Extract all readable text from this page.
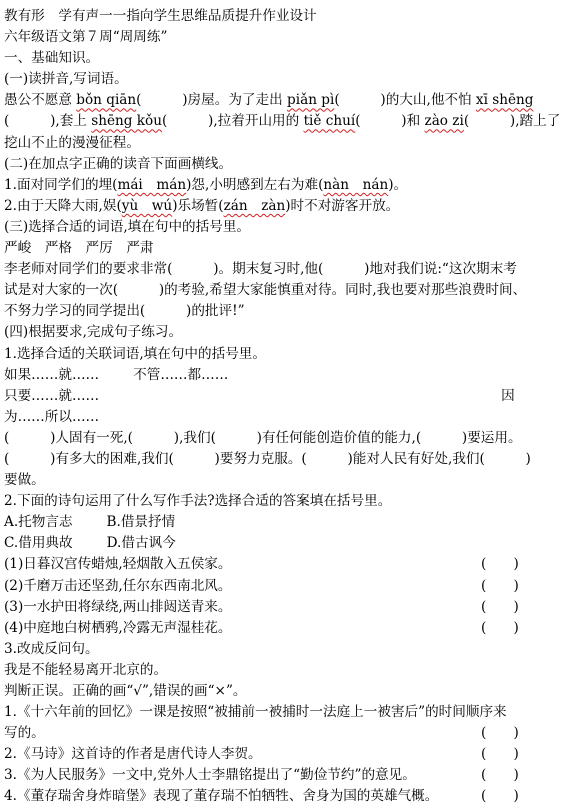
教有形　学有声一一指向学生思维品质提升作业设计
六年级语文第７周“周周练”
一、基础知识。
(一)读拼音,写词语。
愚公不愿意 bǒn qiān(　　　)房屋。为了走出 piǎn pì(　　　)的大山,他不怕 xī shēng
(　　　),套上 shēng kǒu(　　　),拉着开山用的 tiě chuí(　　　)和 zào zi(　　　),踏上了
挖山不止的漫漫征程。
(二)在加点字正确的读音下面画横线。
1.面对同学们的埋(mái　mán)怨,小明感到左右为难(nàn　nán)。
2.由于天降大雨,娱(yù　wú)乐场暂(zán　zàn)时不对游客开放。
(三)选择合适的词语,填在句中的括号里。
严峻　严格　严厉　严肃
李老师对同学们的要求非常(　　　)。期末复习时,他(　　　)地对我们说:“这次期末考
试是对大家的一次(　　　)的考验,希望大家能慎重对待。同时,我也要对那些浪费时间、
不努力学习的同学提出(　　　)的批评!”
(四)根据要求,完成句子练习。
1.选择合适的关联词语,填在句中的括号里。
如果……就……	不管……都……
只要……就……	因
为……所以……
(　　　)人固有一死,(　　　),我们(　　　)有任何能创造价值的能力,(　　　)要运用。
(　　　)有多大的困难,我们(　　　)要努力克服。(　　　)能对人民有好处,我们(　　　)
要做。
2.下面的诗句运用了什么写作手法?选择合适的答案填在括号里。
A.托物言志	B.借景抒情
C.借用典故	D.借古讽今
(1)日暮汉宫传蜡烛,轻烟散入五侯家。	(　　)
(2)千磨万击还坚劲,任尔东西南北风。	(　　)
(3)一水护田将绿绕,两山排闼送青来。	(　　)
(4)中庭地白树栖鸦,冷露无声湿桂花。	(　　)
3.改成反问句。
我是不能轻易离开北京的。
判断正误。正确的画“√”,错误的画“×”。
1.《十六年前的回忆》一课是按照“被捕前一被捕时一法庭上一被害后”的时间顺序来
写的。	(　　)
2.《马诗》这首诗的作者是唐代诗人李贺。	(　　)
3.《为人民服务》一文中,党外人士李鼎铭提出了“勤俭节约”的意见。	(　　)
4.《董存瑞舍身炸暗堡》表现了董存瑞不怕牺牲、舍身为国的英雄气概。	(　　)
